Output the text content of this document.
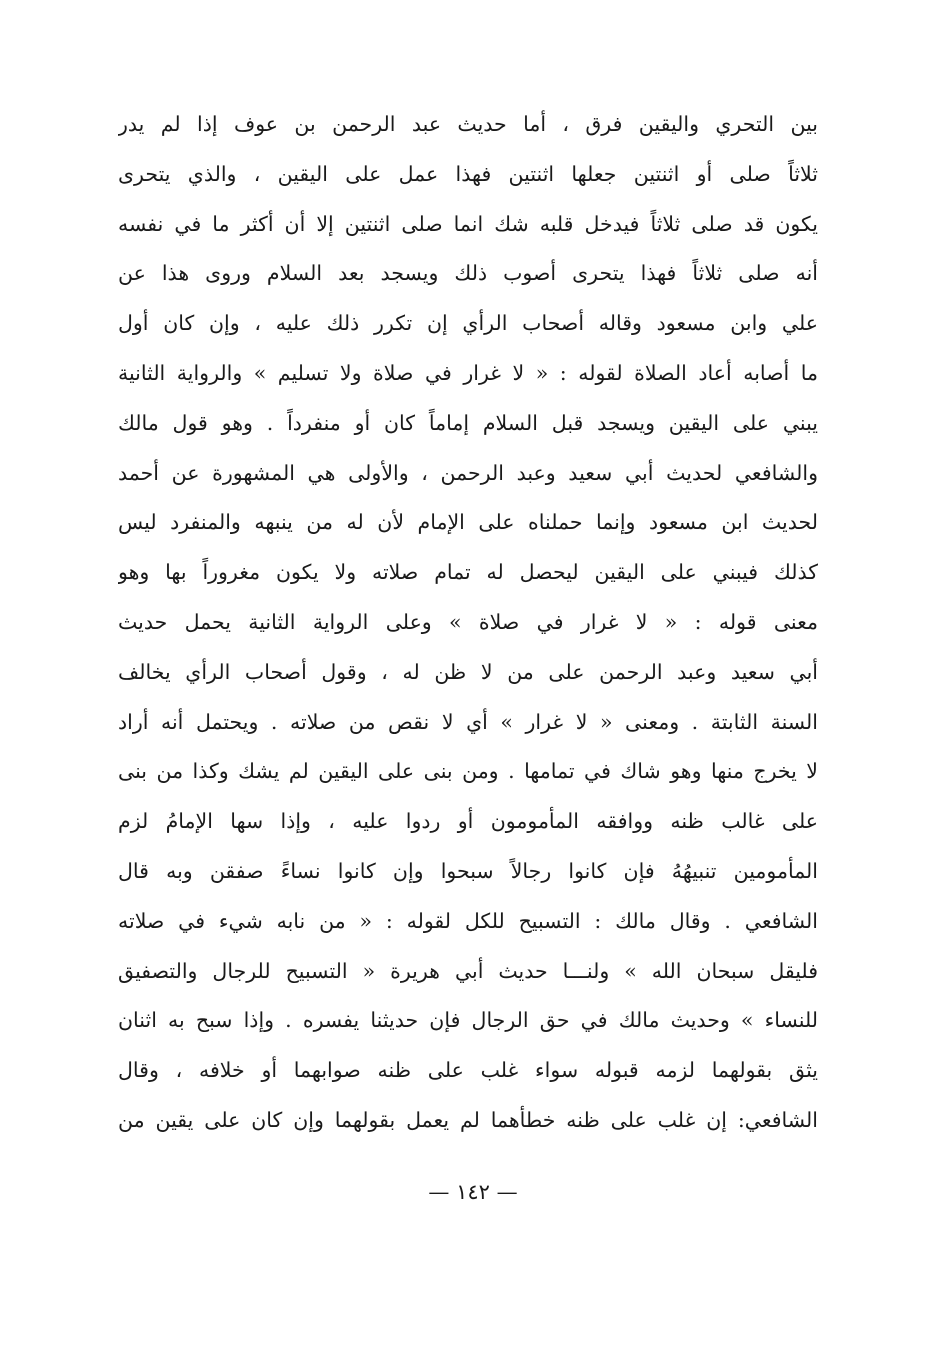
بين التحري واليقين فرق ، أما حديث عبد الرحمن بن عوف إذا لم يدر
ثلاثاً صلى أو اثنتين جعلها اثنتين فهذا عمل على اليقين ، والذي يتحرى
يكون قد صلى ثلاثاً فيدخل قلبه شك انما صلى اثنتين إلا أن أكثر ما في نفسه
أنه صلى ثلاثاً فهذا يتحرى أصوب ذلك ويسجد بعد السلام وروى هذا عن
علي وابن مسعود وقاله أصحاب الرأي إن تكرر ذلك عليه ، وإن كان أول
ما أصابه أعاد الصلاة لقوله : « لا غرار في صلاة ولا تسليم » والرواية الثانية
يبني على اليقين ويسجد قبل السلام إماماً كان أو منفرداً . وهو قول مالك
والشافعي لحديث أبي سعيد وعبد الرحمن ، والأولى هي المشهورة عن أحمد
لحديث ابن مسعود وإنما حملناه على الإمام لأن له من ينبهه والمنفرد ليس
كذلك فيبني على اليقين ليحصل له تمام صلاته ولا يكون مغروراً بها وهو
معنى قوله : « لا غرار في صلاة » وعلى الرواية الثانية يحمل حديث
أبي سعيد وعبد الرحمن على من لا ظن له ، وقول أصحاب الرأي يخالف
السنة الثابتة . ومعنى « لا غرار » أي لا نقص من صلاته . ويحتمل أنه أراد
لا يخرج منها وهو شاك في تمامها . ومن بنى على اليقين لم يشك وكذا من بنى
على غالب ظنه ووافقه المأمومون أو ردوا عليه ، وإذا سها الإمامُ لزم
المأمومين تنبيهُهُ فإن كانوا رجالاً سبحوا وإن كانوا نساءً صفقن وبه قال
الشافعي . وقال مالك : التسبيح للكل لقوله : « من نابه شيء في صلاته
فليقل سبحان الله » ولنـــا حديث أبي هريرة « التسبيح للرجال والتصفيق
للنساء » وحديث مالك في حق الرجال فإن حديثنا يفسره . وإذا سبح به اثنان
يثق بقولهما لزمه قبوله سواء غلب على ظنه صوابهما أو خلافه ، وقال
الشافعي: إن غلب على ظنه خطأهما لم يعمل بقولهما وإن كان على يقين من
— ١٤٢ —
